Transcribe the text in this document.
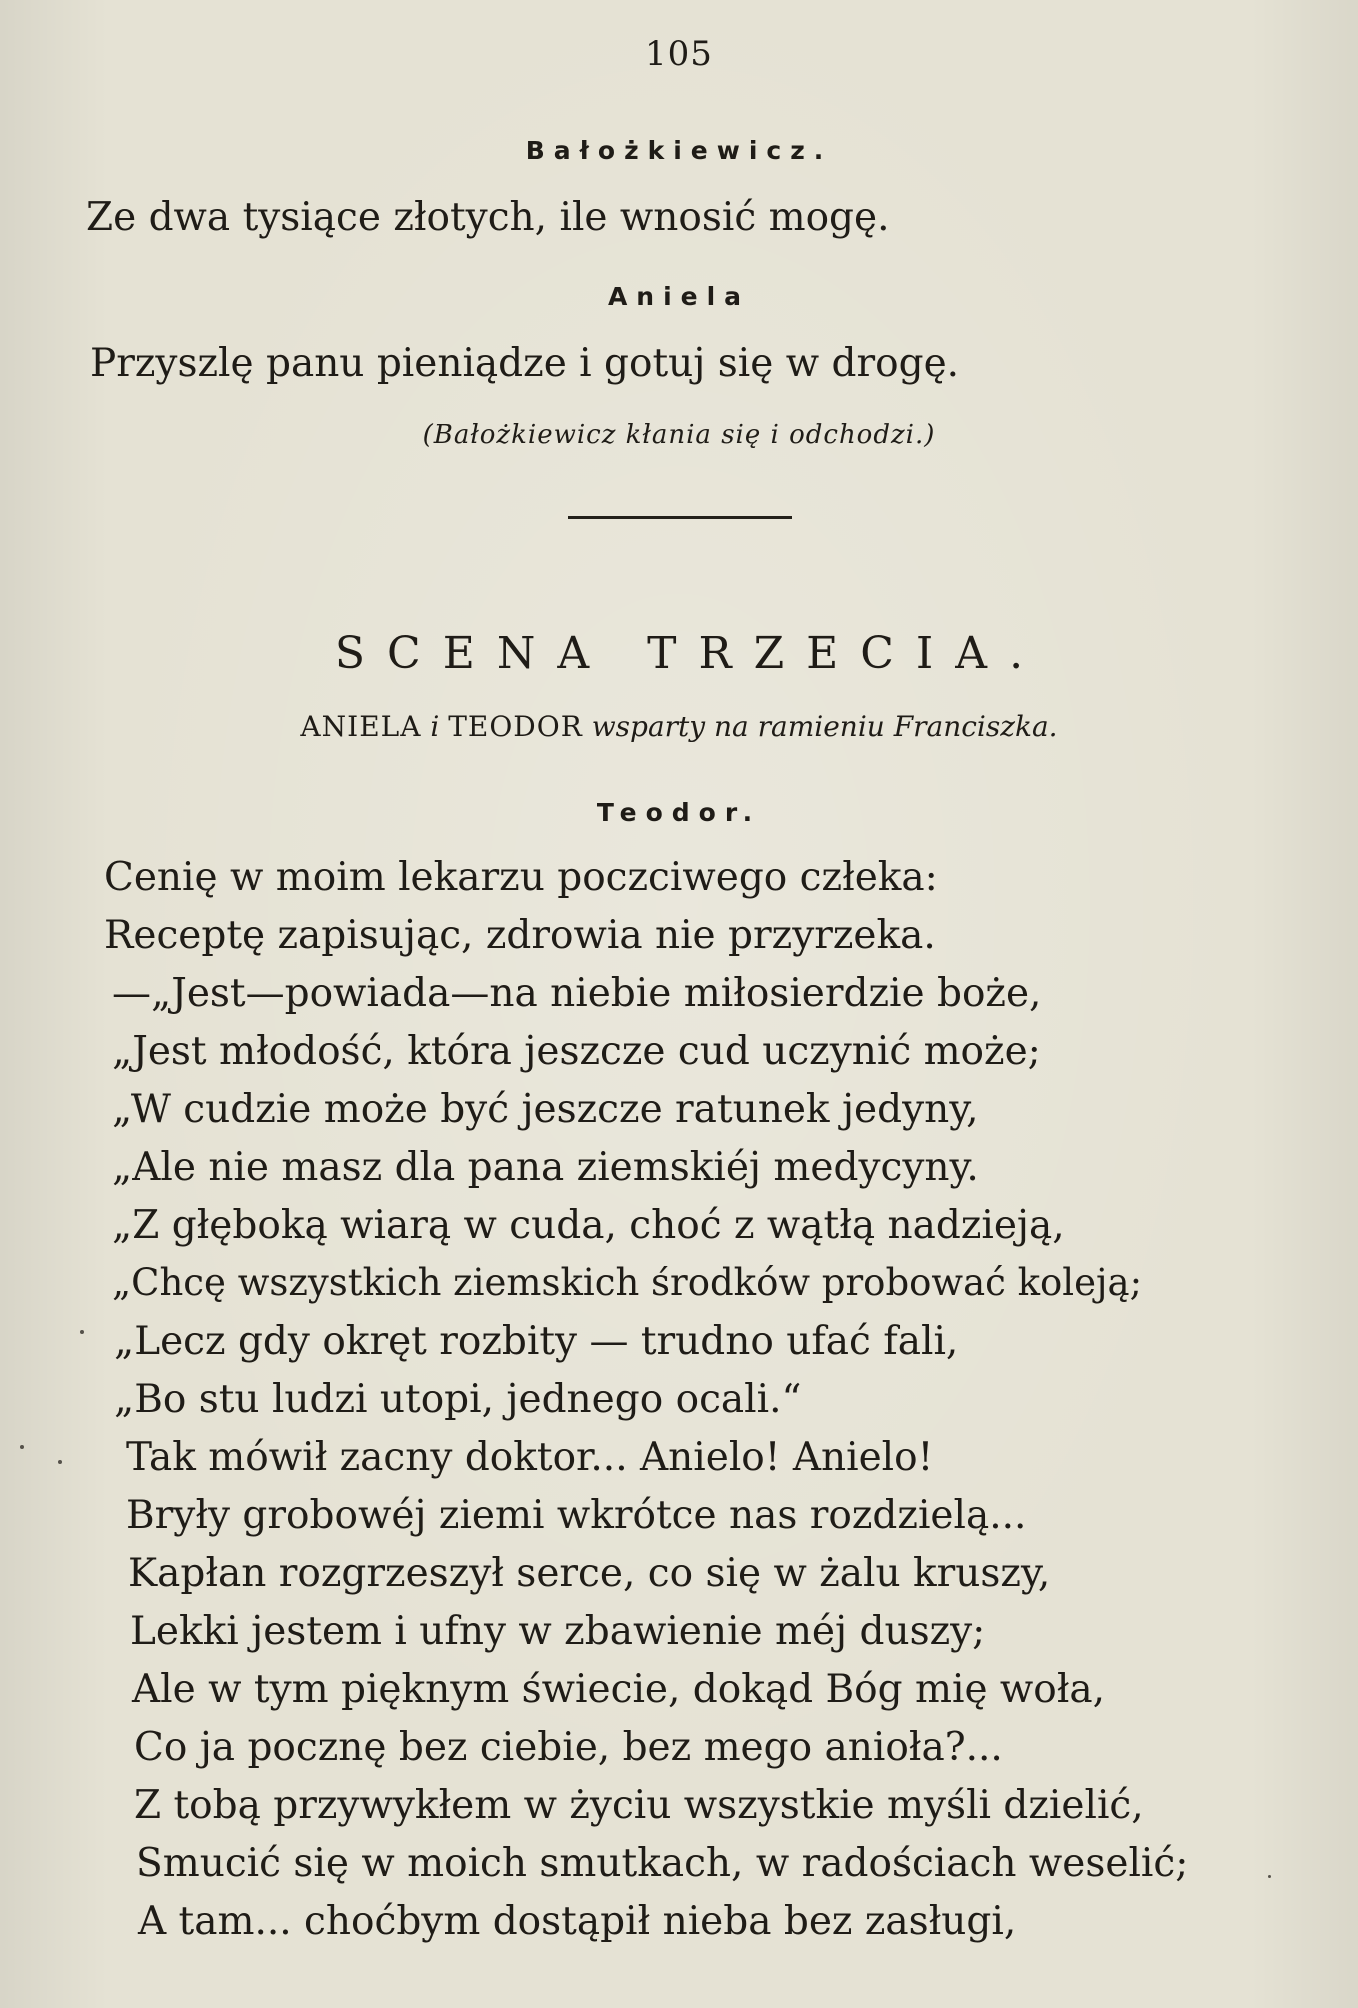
105
Bałożkiewicz.
Ze dwa tysiące złotych, ile wnosić mogę.
Aniela
Przyszlę panu pieniądze i gotuj się w drogę.
(Bałożkiewicz kłania się i odchodzi.)
SCENA TRZECIA.
ANIELA i TEODOR wsparty na ramieniu Franciszka.
Teodor.
Cenię w moim lekarzu poczciwego człeka:
Receptę zapisując, zdrowia nie przyrzeka.
—„Jest—powiada—na niebie miłosierdzie boże,
„Jest młodość, która jeszcze cud uczynić może;
„W cudzie może być jeszcze ratunek jedyny,
„Ale nie masz dla pana ziemskiéj medycyny.
„Z głęboką wiarą w cuda, choć z wątłą nadzieją,
„Chcę wszystkich ziemskich środków probować koleją;
„Lecz gdy okręt rozbity — trudno ufać fali,
„Bo stu ludzi utopi, jednego ocali.“
Tak mówił zacny doktor... Anielo! Anielo!
Bryły grobowéj ziemi wkrótce nas rozdzielą...
Kapłan rozgrzeszył serce, co się w żalu kruszy,
Lekki jestem i ufny w zbawienie méj duszy;
Ale w tym pięknym świecie, dokąd Bóg mię woła,
Co ja pocznę bez ciebie, bez mego anioła?...
Z tobą przywykłem w życiu wszystkie myśli dzielić,
Smucić się w moich smutkach, w radościach weselić;
A tam... choćbym dostąpił nieba bez zasługi,
